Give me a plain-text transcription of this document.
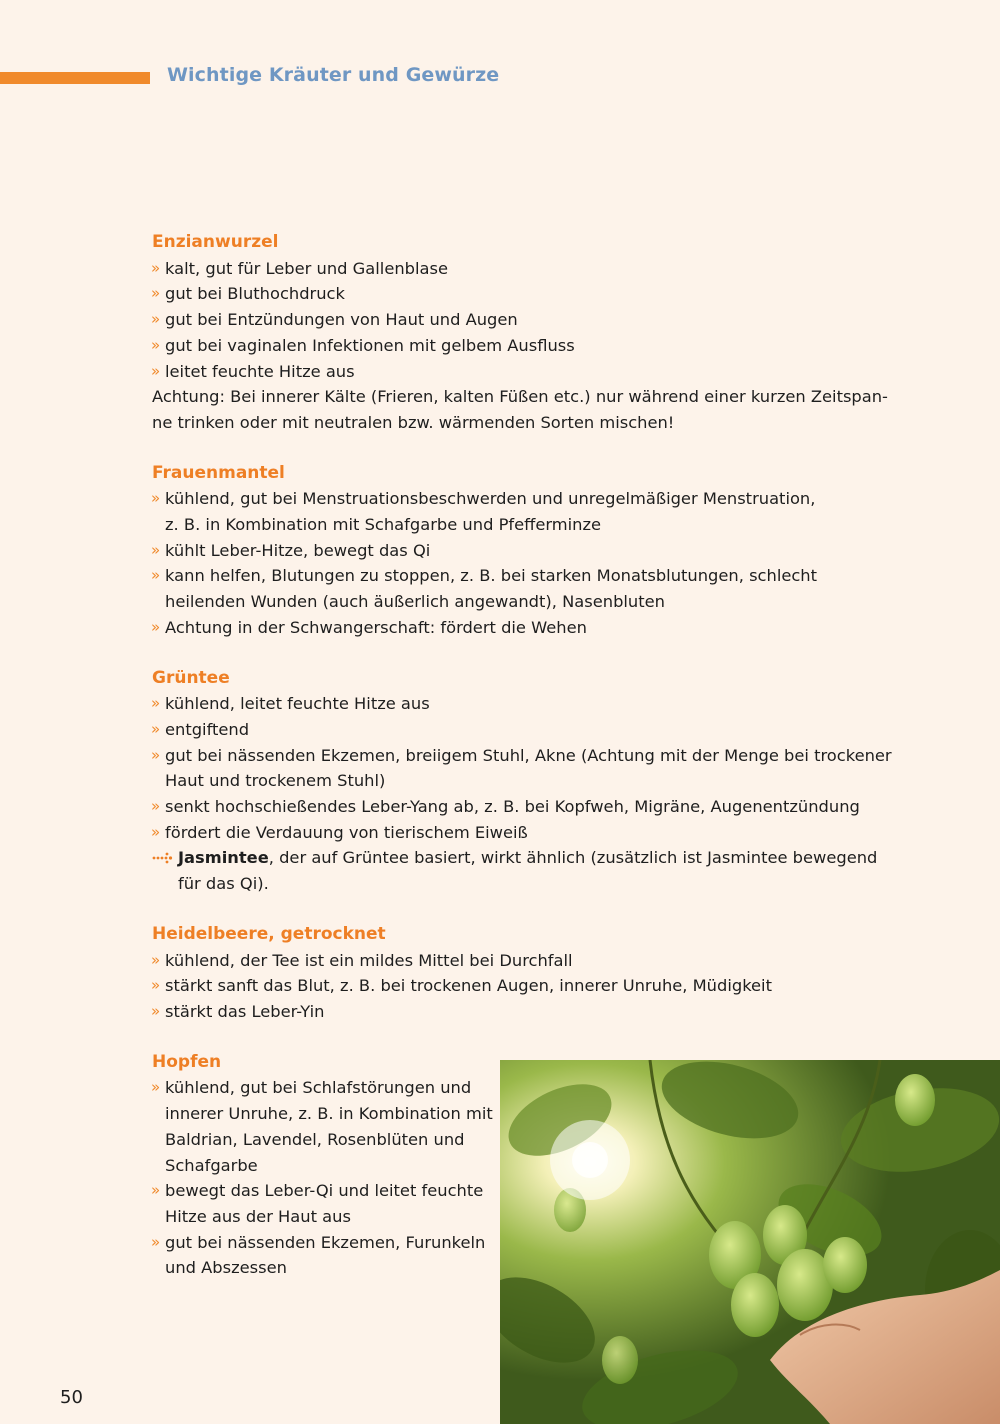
Wichtige Kräuter und Gewürze
Enzianwurzel
» kalt, gut für Leber und Gallenblase
» gut bei Bluthochdruck
» gut bei Entzündungen von Haut und Augen
» gut bei vaginalen Infektionen mit gelbem Ausfluss
» leitet feuchte Hitze aus
Achtung: Bei innerer Kälte (Frieren, kalten Füßen etc.) nur während einer kurzen Zeitspan-
ne trinken oder mit neutralen bzw. wärmenden Sorten mischen!
Frauenmantel
» kühlend, gut bei Menstruationsbeschwerden und unregelmäßiger Menstruation,
z. B. in Kombination mit Schafgarbe und Pfefferminze
» kühlt Leber-Hitze, bewegt das Qi
» kann helfen, Blutungen zu stoppen, z. B. bei starken Monatsblutungen, schlecht
heilenden Wunden (auch äußerlich angewandt), Nasenbluten
» Achtung in der Schwangerschaft: fördert die Wehen
Grüntee
» kühlend, leitet feuchte Hitze aus
» entgiftend
» gut bei nässenden Ekzemen, breiigem Stuhl, Akne (Achtung mit der Menge bei trockener
Haut und trockenem Stuhl)
» senkt hochschießendes Leber-Yang ab, z. B. bei Kopfweh, Migräne, Augenentzündung
» fördert die Verdauung von tierischem Eiweiß
Jasmintee, der auf Grüntee basiert, wirkt ähnlich (zusätzlich ist Jasmintee bewegend
für das Qi).
Heidelbeere, getrocknet
» kühlend, der Tee ist ein mildes Mittel bei Durchfall
» stärkt sanft das Blut, z. B. bei trockenen Augen, innerer Unruhe, Müdigkeit
» stärkt das Leber-Yin
Hopfen
» kühlend, gut bei Schlafstörungen und
innerer Unruhe, z. B. in Kombination mit
Baldrian, Lavendel, Rosenblüten und
Schafgarbe
» bewegt das Leber-Qi und leitet feuchte
Hitze aus der Haut aus
» gut bei nässenden Ekzemen, Furunkeln
und Abszessen
50
